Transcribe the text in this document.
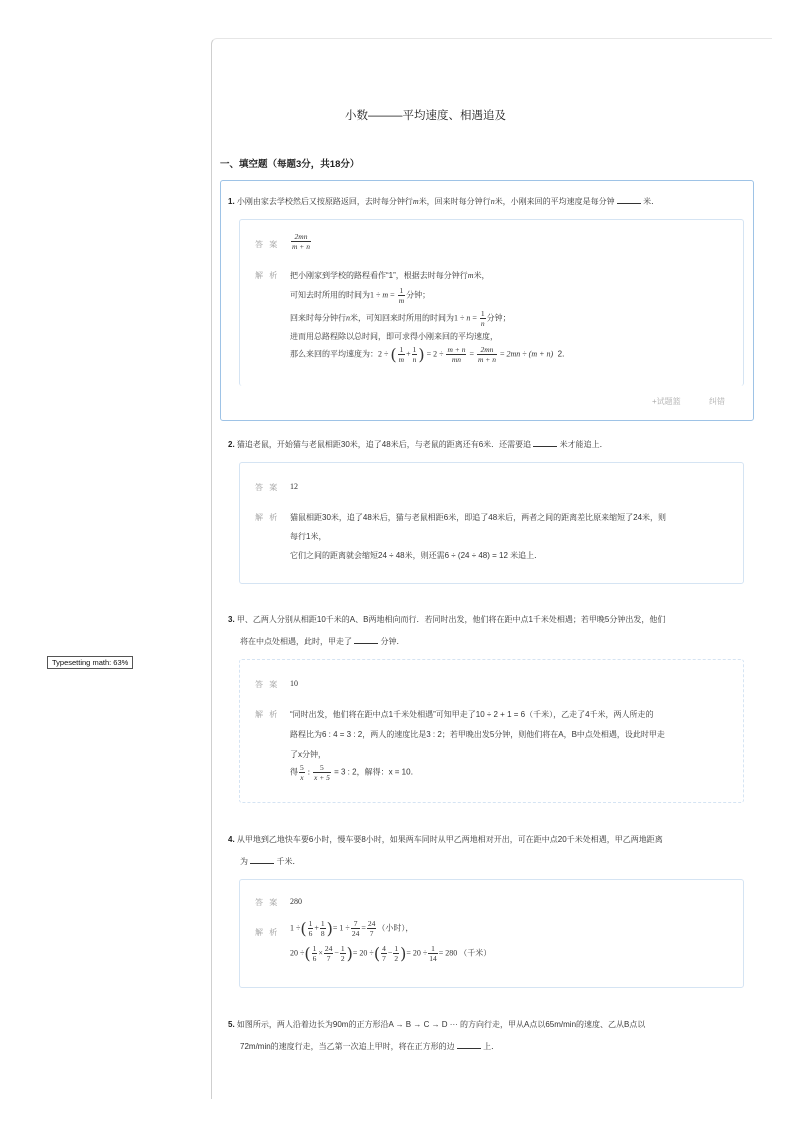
Typesetting math: 63%
小数———平均速度、相遇追及
一、填空题（每题3分，共18分）
1. 小刚由家去学校然后又按原路返回，去时每分钟行m米，回来时每分钟行n米，小刚来回的平均速度是每分钟	米．
答 案 $\frac{2mn}{m + n}$
解 析 把小刚家到学校的路程看作“1”，根据去时每分钟行m米，
可知去时所用的时间为$1 \div m = \frac{1}{m}$ 分钟；
回来时每分钟行n米，可知回来时所用的时间为$1 \div n = \frac{1}{n}$ 分钟；
进而用总路程除以总时间，即可求得小刚来回的平均速度，
那么来回的平均速度为：2 ÷ ( $\frac{1}{m} + \frac{1}{n}$ ) = $2 \div \frac{m + n}{mn} = \frac{2mn}{m + n} = 2mn \div (m + n)$ 2．
+试题篮	纠错
2. 猫追老鼠，开始猫与老鼠相距30米，追了48米后，与老鼠的距离还有6米．还需要追	米才能追上．
答 案 12
解 析 猫鼠相距30米，追了48米后，猫与老鼠相距6米，即追了48米后，两者之间的距离差比原来缩短了24米，则
每行1米，
它们之间的距离就会缩短24 ÷ 48米，则还需6 ÷ (24 ÷ 48) = 12 米追上．
3. 甲、乙两人分别从相距10千米的A、B两地相向而行．若同时出发，他们将在距中点1千米处相遇；若甲晚5分钟出发，他们
将在中点处相遇，此时，甲走了	分钟．
答 案 10
解 析 “同时出发，他们将在距中点1千米处相遇”可知甲走了10 ÷ 2 + 1 = 6（千米），乙走了4千米，两人所走的
路程比为6 : 4 = 3 : 2，两人的速度比是3 : 2；若甲晚出发5分钟，则他们将在A，B中点处相遇，设此时甲走
了x分钟，
得 $\frac{5}{x}$ : $\frac{5}{x + 5} = 3$ : 2，解得：x = 10．
4. 从甲地到乙地快车要6小时，慢车要8小时，如果两车同时从甲乙两地相对开出，可在距中点20千米处相遇，甲乙两地距离
为	千米．
答 案 280
解 析 1 ÷( $\frac{1}{6} + \frac{1}{8}$ )= $1 \div \frac{7}{24} = \frac{24}{7}$ （小时），
20 ÷( $\frac{1}{6} \times \frac{24}{7} - \frac{1}{2}$ )= 20 ÷( $\frac{4}{7} - \frac{1}{2}$ )= $20 \div \frac{1}{14} = 280$ （千米）
5. 如图所示，两人沿着边长为90m的正方形沿A → B → C → D ··· 的方向行走，甲从A点以65m/min的速度、乙从B点以
72m/min的速度行走，当乙第一次追上甲时，将在正方形的边	上．
